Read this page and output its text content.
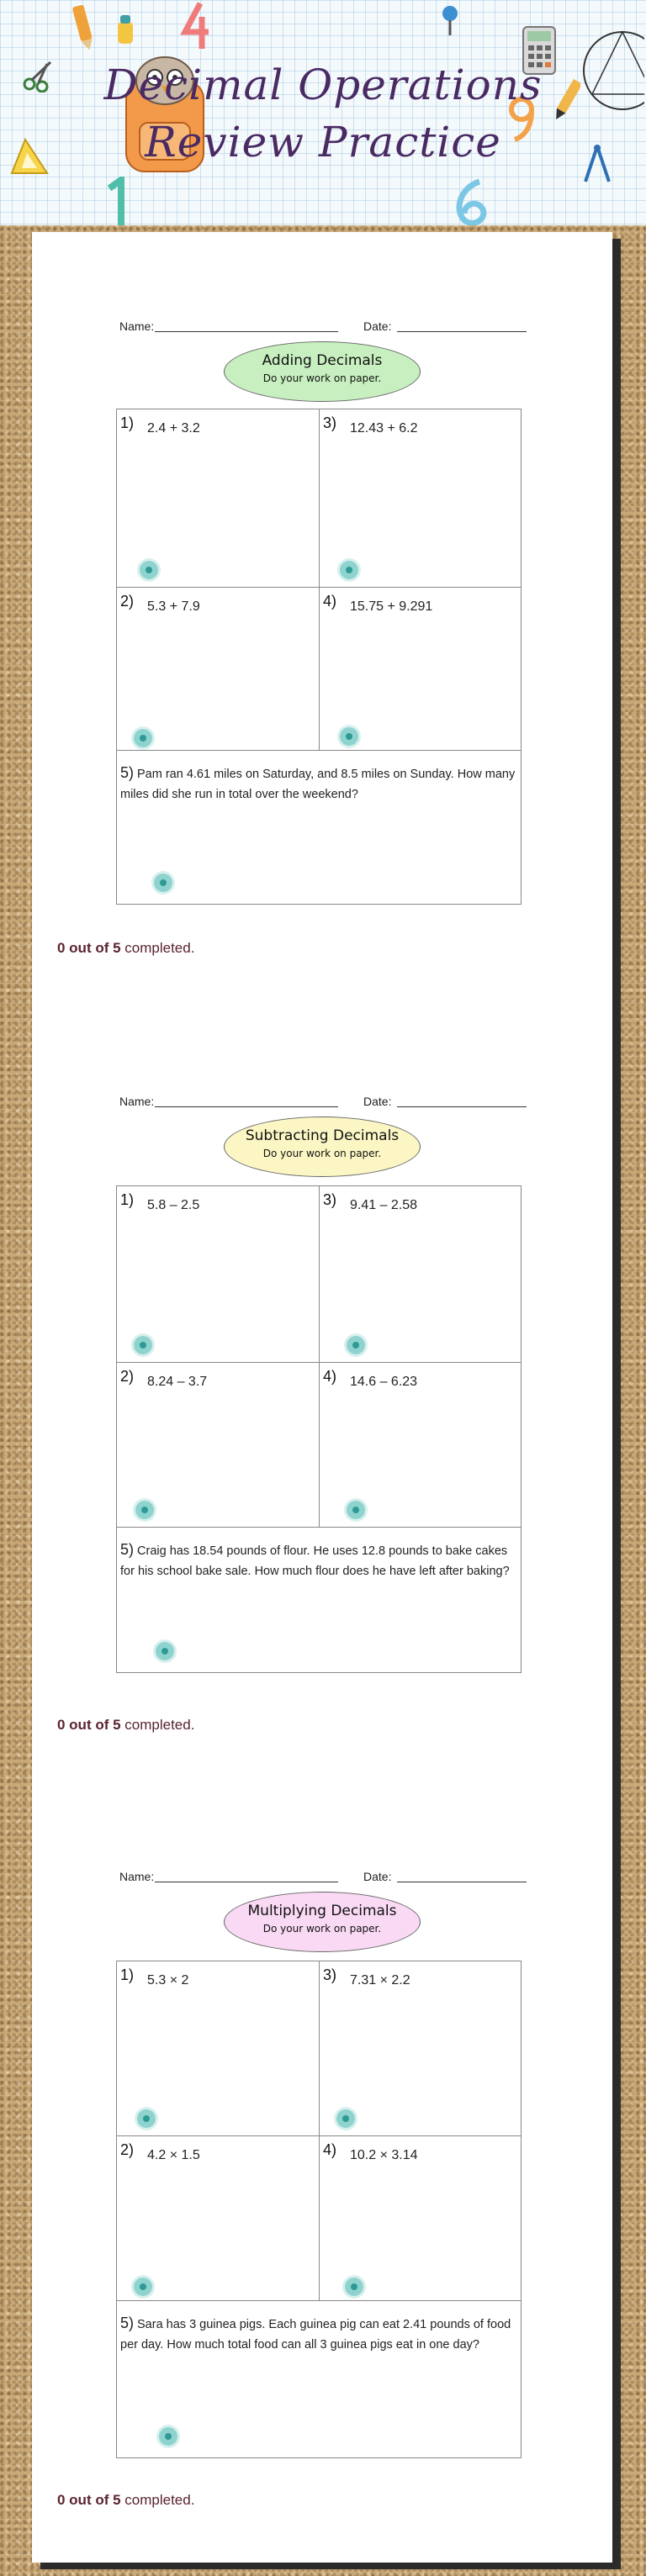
Decimal Operations
Review Practice
Name:	Date:
Adding Decimals
Do your work on paper.
1) 2.4 + 3.2	3) 12.43 + 6.2
2) 5.3 + 7.9	4) 15.75 + 9.291
5) Pam ran 4.61 miles on Saturday, and 8.5 miles on Sunday. How many miles did she run in total over the weekend?
0 out of 5 completed.
Name:	Date:
Subtracting Decimals
Do your work on paper.
1) 5.8 – 2.5	3) 9.41 – 2.58
2) 8.24 – 3.7	4) 14.6 – 6.23
5) Craig has 18.54 pounds of flour. He uses 12.8 pounds to bake cakes for his school bake sale. How much flour does he have left after baking?
0 out of 5 completed.
Name:	Date:
Multiplying Decimals
Do your work on paper.
1) 5.3 × 2	3) 7.31 × 2.2
2) 4.2 × 1.5	4) 10.2 × 3.14
5) Sara has 3 guinea pigs. Each guinea pig can eat 2.41 pounds of food per day. How much total food can all 3 guinea pigs eat in one day?
0 out of 5 completed.
